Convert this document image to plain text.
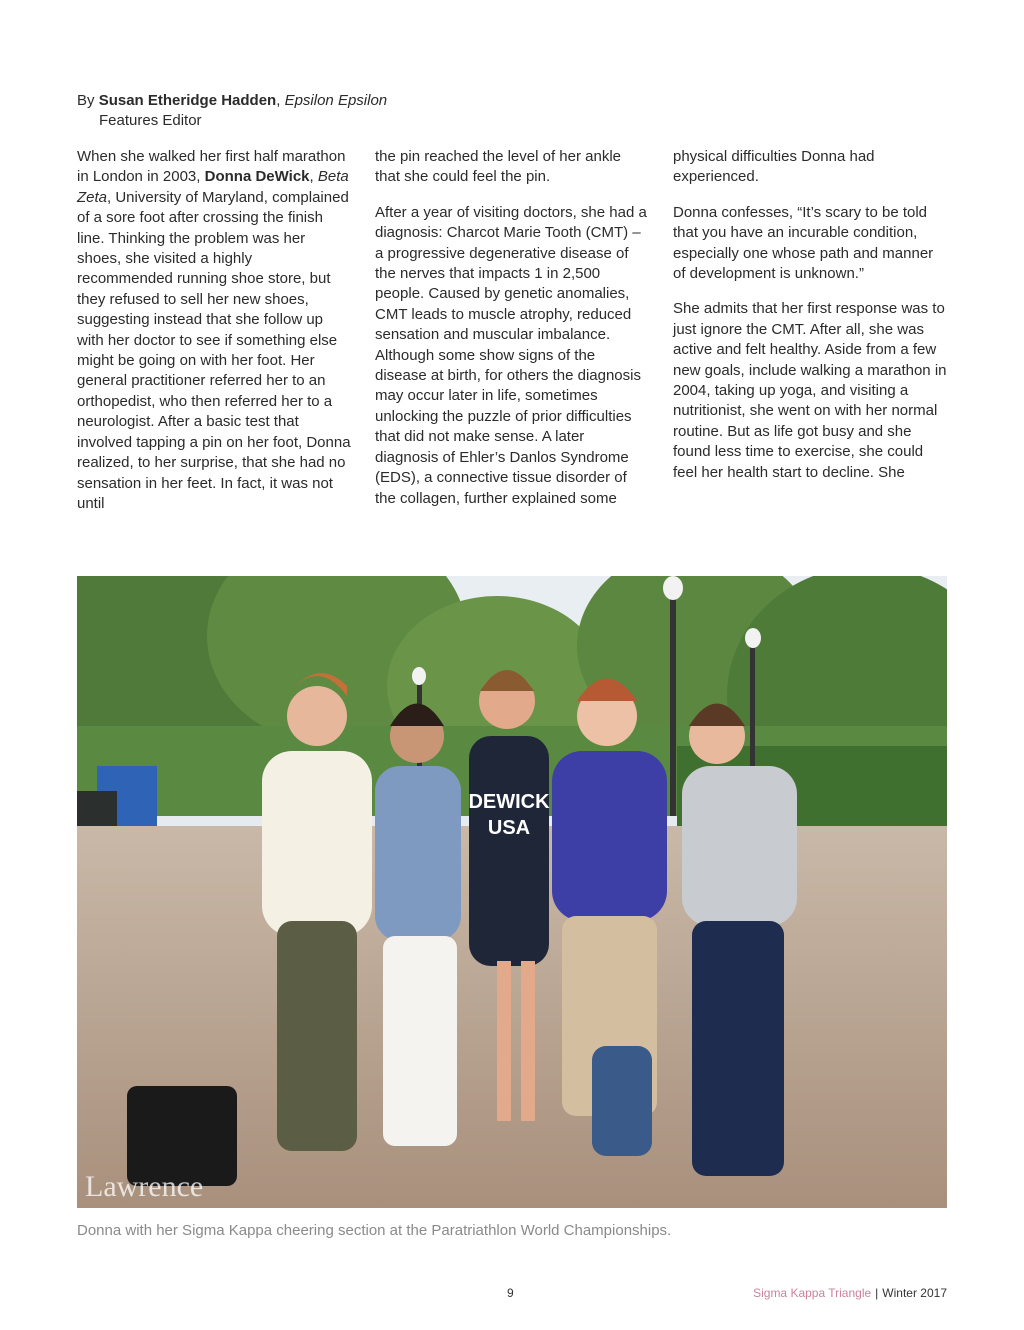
By Susan Etheridge Hadden, Epsilon Epsilon
Features Editor

When she walked her first half marathon in London in 2003, Donna DeWick, Beta Zeta, University of Maryland, complained of a sore foot after crossing the finish line. Thinking the problem was her shoes, she visited a highly recommended running shoe store, but they refused to sell her new shoes, suggesting instead that she follow up with her doctor to see if something else might be going on with her foot. Her general practitioner referred her to an orthopedist, who then referred her to a neurologist. After a basic test that involved tapping a pin on her foot, Donna realized, to her surprise, that she had no sensation in her feet. In fact, it was not until

the pin reached the level of her ankle that she could feel the pin.

After a year of visiting doctors, she had a diagnosis: Charcot Marie Tooth (CMT) – a progressive degenerative disease of the nerves that impacts 1 in 2,500 people. Caused by genetic anomalies, CMT leads to muscle atrophy, reduced sensation and muscular imbalance. Although some show signs of the disease at birth, for others the diagnosis may occur later in life, sometimes unlocking the puzzle of prior difficulties that did not make sense. A later diagnosis of Ehler’s Danlos Syndrome (EDS), a connective tissue disorder of the collagen, further explained some

physical difficulties Donna had experienced.

Donna confesses, “It’s scary to be told that you have an incurable condition, especially one whose path and manner of development is unknown.”

She admits that her first response was to just ignore the CMT. After all, she was active and felt healthy. Aside from a few new goals, include walking a marathon in 2004, taking up yoga, and visiting a nutritionist, she went on with her normal routine. But as life got busy and she found less time to exercise, she could feel her health start to decline. She

DEWICK
USA
Lawrence
Donna with her Sigma Kappa cheering section at the Paratriathlon World Championships.
9	Sigma Kappa Triangle | Winter 2017
